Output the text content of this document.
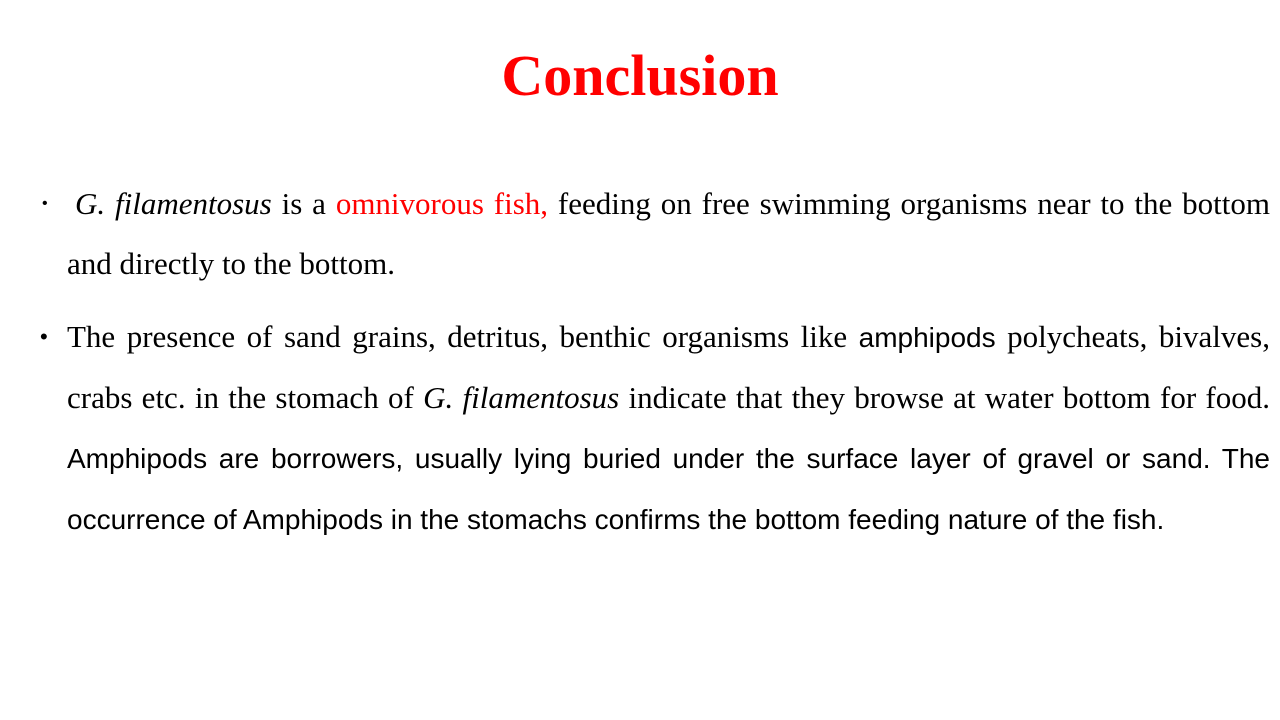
Conclusion
• G. filamentosus is a omnivorous fish, feeding on free swimming organisms near to the bottom and directly to the bottom.
• The presence of sand grains, detritus, benthic organisms like amphipods polycheats, bivalves, crabs etc. in the stomach of G. filamentosus indicate that they browse at water bottom for food. Amphipods are borrowers, usually lying buried under the surface layer of gravel or sand. The occurrence of Amphipods in the stomachs confirms the bottom feeding nature of the fish.
